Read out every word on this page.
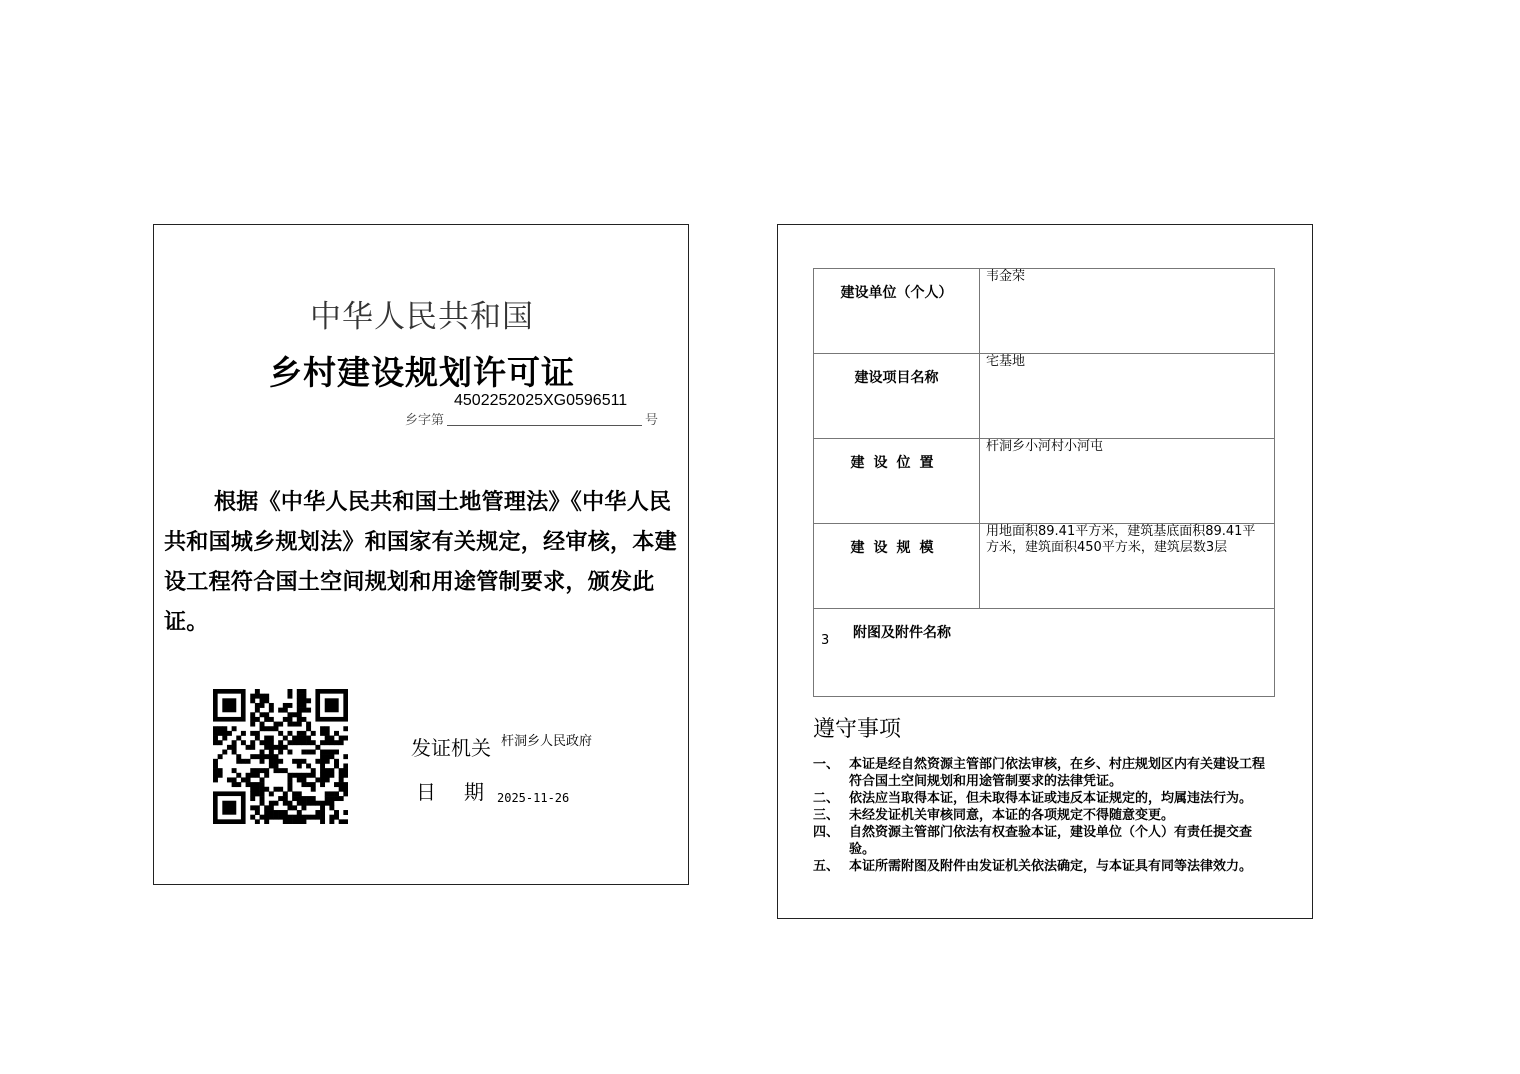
中华人民共和国
乡村建设规划许可证
4502252025XG0596511
乡字第	号
根据《中华人民共和国土地管理法》《中华人民共和国城乡规划法》和国家有关规定，经审核，本建设工程符合国土空间规划和用途管制要求，颁发此证。
发证机关 杆洞乡人民政府
日期
2025-11-26
建设单位（个人）	韦金荣
建设项目名称	宅基地
建设位置	杆洞乡小河村小河屯
建设规模	用地面积89.41平方米，建筑基底面积89.41平方米，建筑面积450平方米，建筑层数3层

3 附图及附件名称	
遵守事项
一、 本证是经自然资源主管部门依法审核，在乡、村庄规划区内有关建设工程符合国土空间规划和用途管制要求的法律凭证。
二、 依法应当取得本证，但未取得本证或违反本证规定的，均属违法行为。
三、 未经发证机关审核同意，本证的各项规定不得随意变更。
四、 自然资源主管部门依法有权查验本证，建设单位（个人）有责任提交查验。
五、 本证所需附图及附件由发证机关依法确定，与本证具有同等法律效力。
